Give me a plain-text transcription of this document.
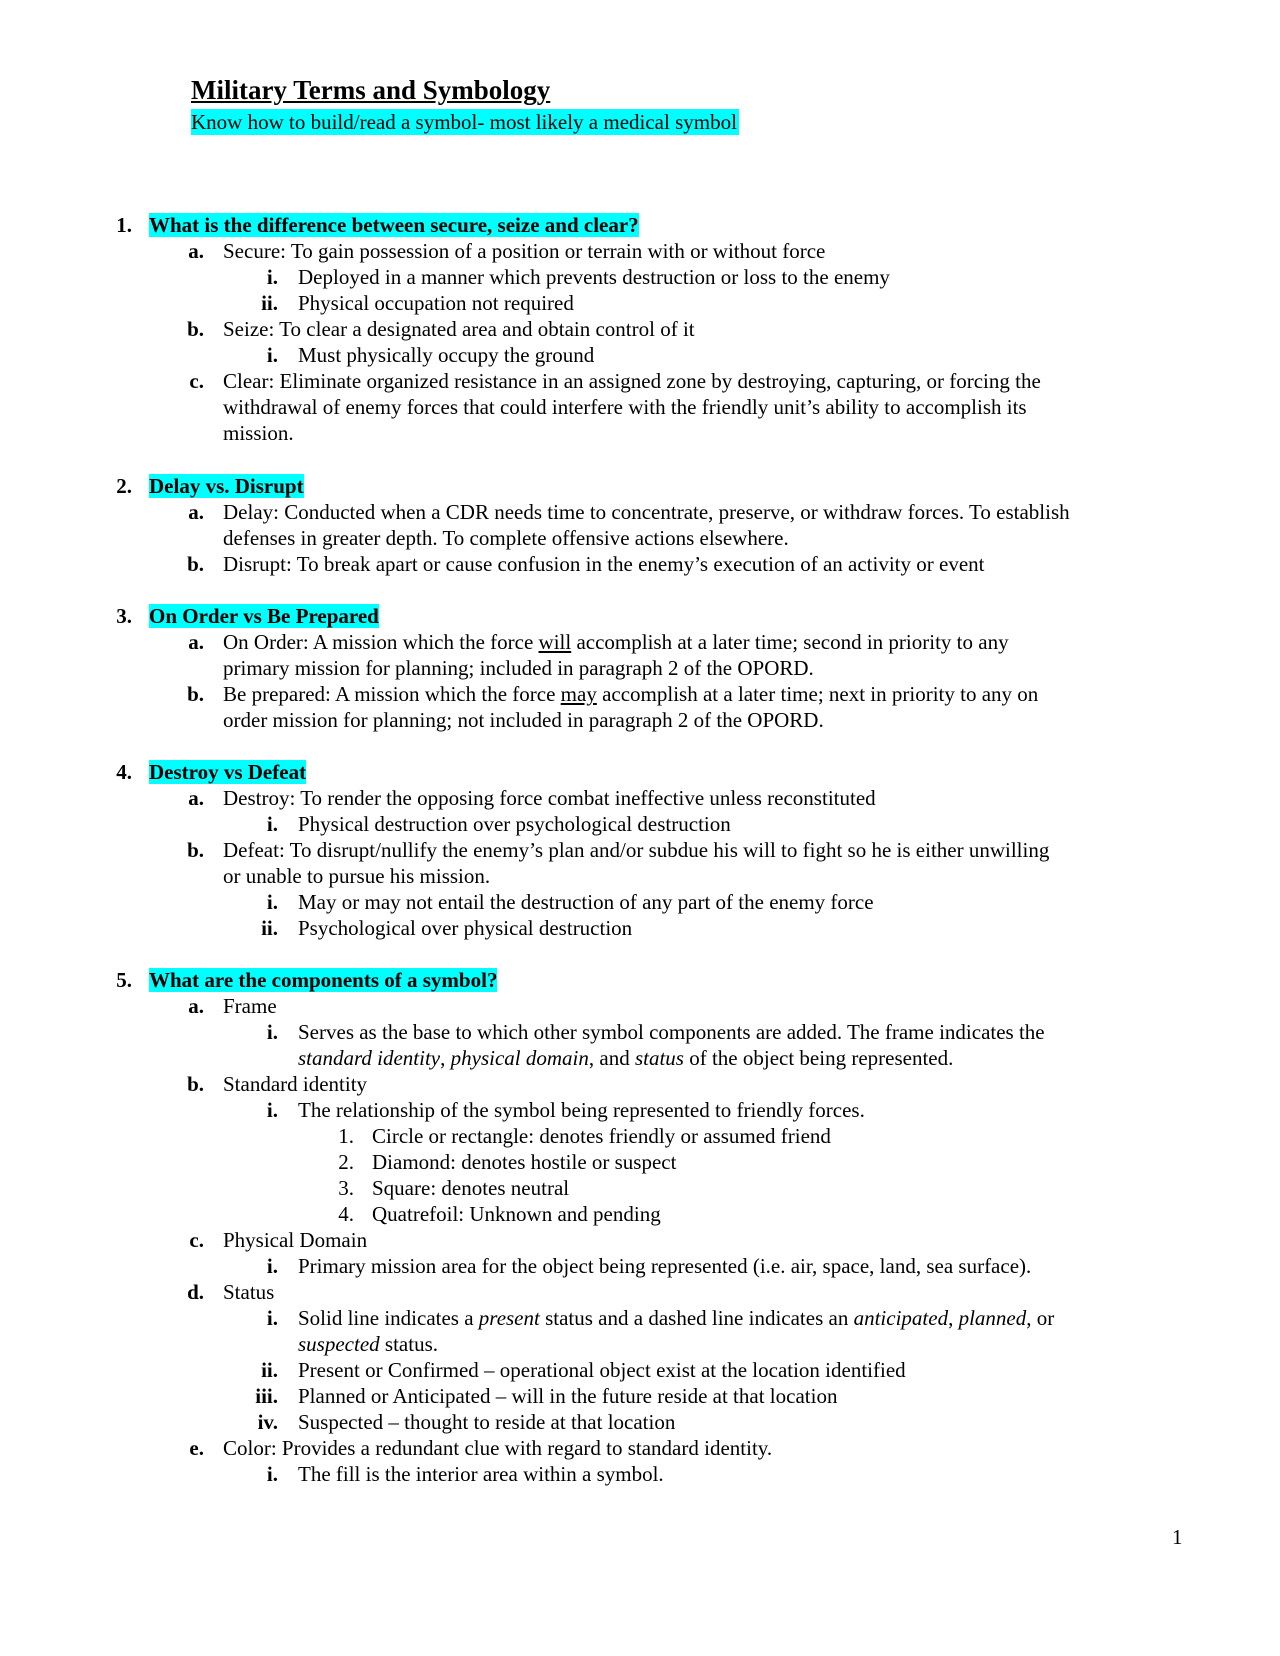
Military Terms and Symbology
Know how to build/read a symbol- most likely a medical symbol
1. What is the difference between secure, seize and clear?
a. Secure: To gain possession of a position or terrain with or without force
i. Deployed in a manner which prevents destruction or loss to the enemy
ii. Physical occupation not required
b. Seize: To clear a designated area and obtain control of it
i. Must physically occupy the ground
c. Clear: Eliminate organized resistance in an assigned zone by destroying, capturing, or forcing the
withdrawal of enemy forces that could interfere with the friendly unit’s ability to accomplish its
mission.
2. Delay vs. Disrupt
a. Delay: Conducted when a CDR needs time to concentrate, preserve, or withdraw forces. To establish
defenses in greater depth. To complete offensive actions elsewhere.
b. Disrupt: To break apart or cause confusion in the enemy’s execution of an activity or event
3. On Order vs Be Prepared
a. On Order: A mission which the force will accomplish at a later time; second in priority to any
primary mission for planning; included in paragraph 2 of the OPORD.
b. Be prepared: A mission which the force may accomplish at a later time; next in priority to any on
order mission for planning; not included in paragraph 2 of the OPORD.
4. Destroy vs Defeat
a. Destroy: To render the opposing force combat ineffective unless reconstituted
i. Physical destruction over psychological destruction
b. Defeat: To disrupt/nullify the enemy’s plan and/or subdue his will to fight so he is either unwilling
or unable to pursue his mission.
i. May or may not entail the destruction of any part of the enemy force
ii. Psychological over physical destruction
5. What are the components of a symbol?
a. Frame
i. Serves as the base to which other symbol components are added. The frame indicates the
standard identity, physical domain, and status of the object being represented.
b. Standard identity
i. The relationship of the symbol being represented to friendly forces.
1. Circle or rectangle: denotes friendly or assumed friend
2. Diamond: denotes hostile or suspect
3. Square: denotes neutral
4. Quatrefoil: Unknown and pending
c. Physical Domain
i. Primary mission area for the object being represented (i.e. air, space, land, sea surface).
d. Status
i. Solid line indicates a present status and a dashed line indicates an anticipated, planned, or
suspected status.
ii. Present or Confirmed – operational object exist at the location identified
iii. Planned or Anticipated – will in the future reside at that location
iv. Suspected – thought to reside at that location
e. Color: Provides a redundant clue with regard to standard identity.
i. The fill is the interior area within a symbol.
1
